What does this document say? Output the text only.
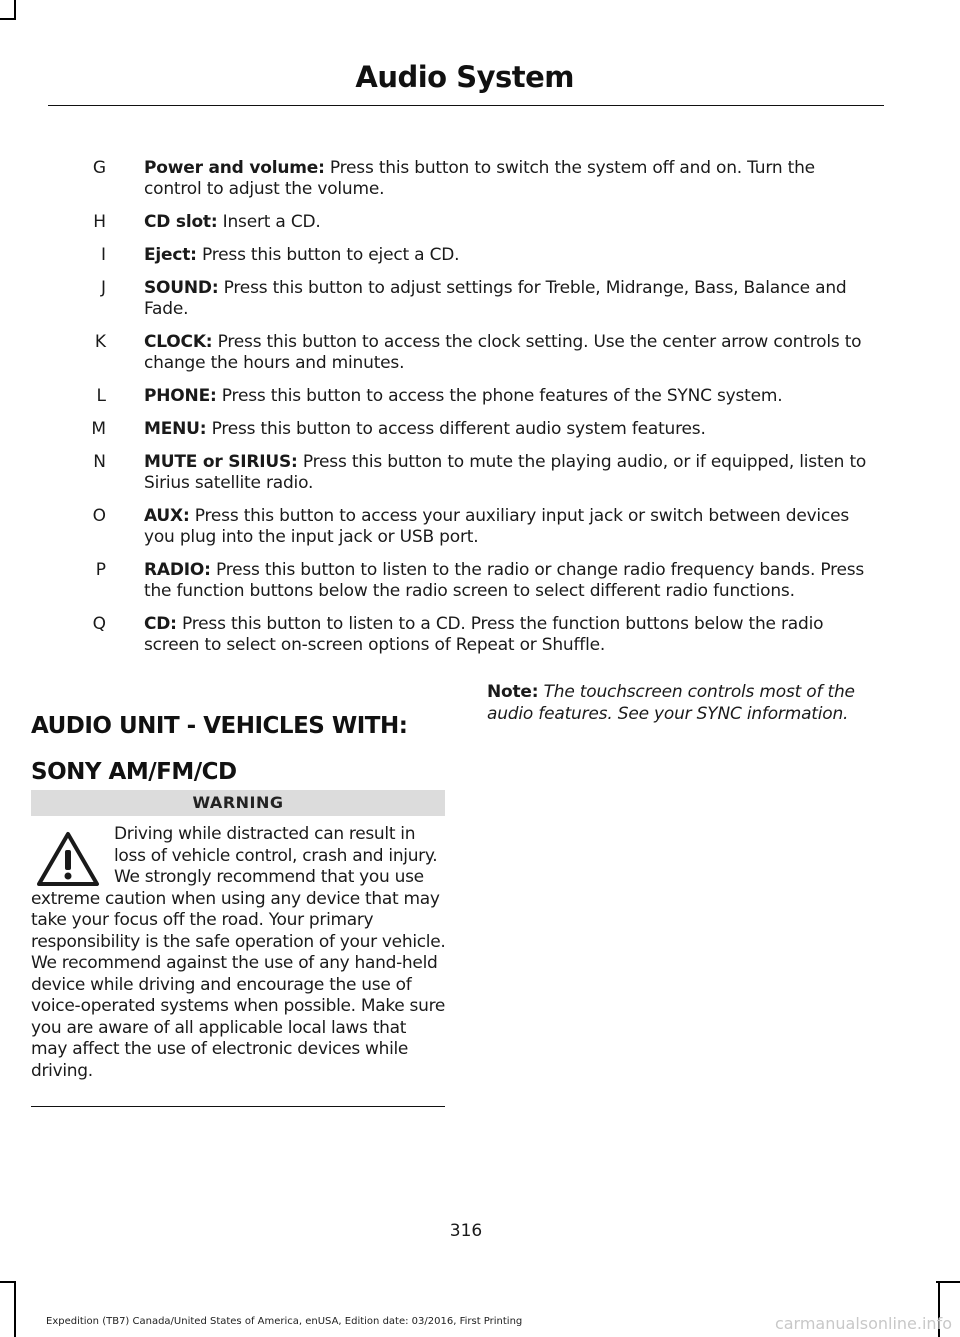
Audio System
G Power and volume: Press this button to switch the system off and on. Turn the control to adjust the volume.
H CD slot: Insert a CD.
I Eject: Press this button to eject a CD.
J SOUND: Press this button to adjust settings for Treble, Midrange, Bass, Balance and Fade.
K CLOCK: Press this button to access the clock setting. Use the center arrow controls to change the hours and minutes.
L PHONE: Press this button to access the phone features of the SYNC system.
M MENU: Press this button to access different audio system features.
N MUTE or SIRIUS: Press this button to mute the playing audio, or if equipped, listen to Sirius satellite radio.
O AUX: Press this button to access your auxiliary input jack or switch between devices you plug into the input jack or USB port.
P RADIO: Press this button to listen to the radio or change radio frequency bands. Press the function buttons below the radio screen to select different radio functions.
Q CD: Press this button to listen to a CD. Press the function buttons below the radio screen to select on-screen options of Repeat or Shuffle.
AUDIO UNIT - VEHICLES WITH:
SONY AM/FM/CD
WARNING
Driving while distracted can result in loss of vehicle control, crash and injury. We strongly recommend that you use extreme caution when using any device that may take your focus off the road. Your primary responsibility is the safe operation of your vehicle. We recommend against the use of any hand-held device while driving and encourage the use of voice-operated systems when possible. Make sure you are aware of all applicable local laws that may affect the use of electronic devices while driving.
Note: The touchscreen controls most of the audio features. See your SYNC information.
316
Expedition (TB7) Canada/United States of America, enUSA, Edition date: 03/2016, First Printing	carmanualsonline.info
